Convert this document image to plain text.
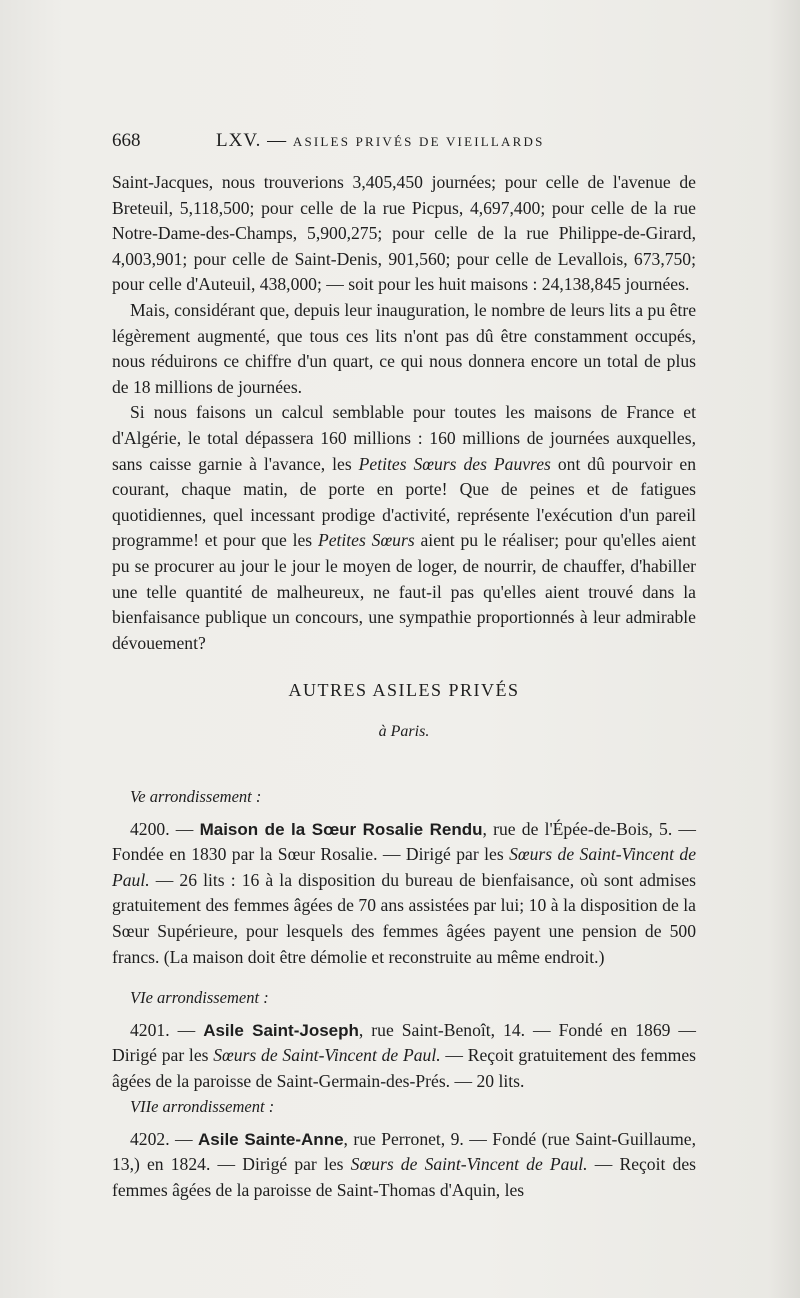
668	LXV. — ASILES PRIVÉS DE VIEILLARDS

Saint-Jacques, nous trouverions 3,405,450 journées; pour celle de l'avenue de Breteuil, 5,118,500; pour celle de la rue Picpus, 4,697,400; pour celle de la rue Notre-Dame-des-Champs, 5,900,275; pour celle de la rue Philippe-de-Girard, 4,003,901; pour celle de Saint-Denis, 901,560; pour celle de Levallois, 673,750; pour celle d'Auteuil, 438,000; — soit pour les huit maisons : 24,138,845 journées.

Mais, considérant que, depuis leur inauguration, le nombre de leurs lits a pu être légèrement augmenté, que tous ces lits n'ont pas dû être constamment occupés, nous réduirons ce chiffre d'un quart, ce qui nous donnera encore un total de plus de 18 millions de journées.

Si nous faisons un calcul semblable pour toutes les maisons de France et d'Algérie, le total dépassera 160 millions : 160 millions de journées auxquelles, sans caisse garnie à l'avance, les Petites Sœurs des Pauvres ont dû pourvoir en courant, chaque matin, de porte en porte! Que de peines et de fatigues quotidiennes, quel incessant prodige d'activité, représente l'exécution d'un pareil programme! et pour que les Petites Sœurs aient pu le réaliser; pour qu'elles aient pu se procurer au jour le jour le moyen de loger, de nourrir, de chauffer, d'habiller une telle quantité de malheureux, ne faut-il pas qu'elles aient trouvé dans la bienfaisance publique un concours, une sympathie proportionnés à leur admirable dévouement?

AUTRES ASILES PRIVÉS
à Paris.

Ve arrondissement :

4200. — Maison de la Sœur Rosalie Rendu, rue de l'Épée-de-Bois, 5. — Fondée en 1830 par la Sœur Rosalie. — Dirigé par les Sœurs de Saint-Vincent de Paul. — 26 lits : 16 à la disposition du bureau de bienfaisance, où sont admises gratuitement des femmes âgées de 70 ans assistées par lui; 10 à la disposition de la Sœur Supérieure, pour lesquels des femmes âgées payent une pension de 500 francs. (La maison doit être démolie et reconstruite au même endroit.)

VIe arrondissement :

4201. — Asile Saint-Joseph, rue Saint-Benoît, 14. — Fondé en 1869 — Dirigé par les Sœurs de Saint-Vincent de Paul. — Reçoit gratuitement des femmes âgées de la paroisse de Saint-Germain-des-Prés. — 20 lits.

VIIe arrondissement :

4202. — Asile Sainte-Anne, rue Perronet, 9. — Fondé (rue Saint-Guillaume, 13,) en 1824. — Dirigé par les Sœurs de Saint-Vincent de Paul. — Reçoit des femmes âgées de la paroisse de Saint-Thomas d'Aquin, les
